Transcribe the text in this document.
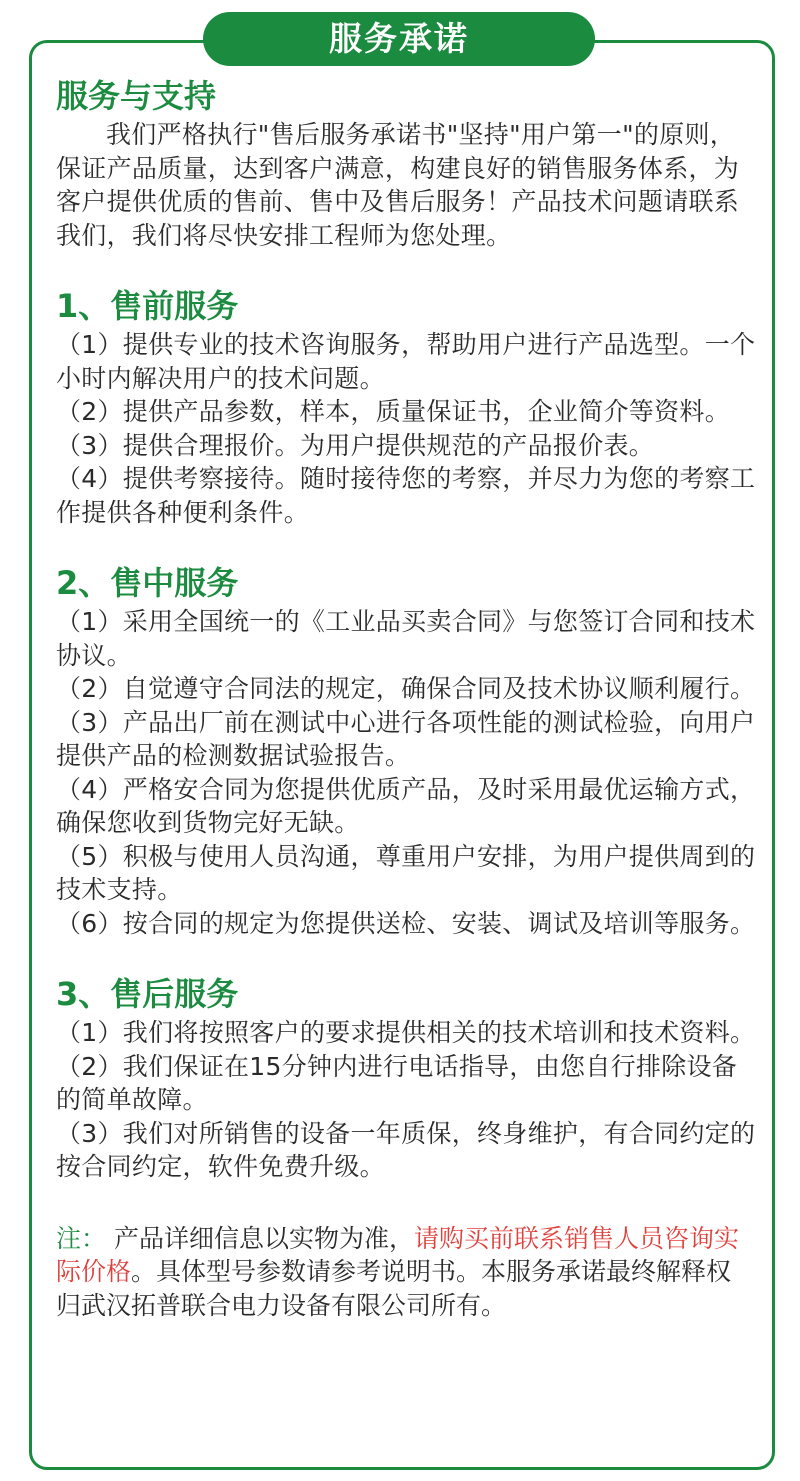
服务承诺
服务与支持

我们严格执行"售后服务承诺书"坚持"用户第一"的原则，保证产品质量，达到客户满意，构建良好的销售服务体系，为客户提供优质的售前、售中及售后服务！产品技术问题请联系我们，我们将尽快安排工程师为您处理。

1、售前服务

（1）提供专业的技术咨询服务，帮助用户进行产品选型。一个小时内解决用户的技术问题。

（2）提供产品参数，样本，质量保证书，企业简介等资料。

（3）提供合理报价。为用户提供规范的产品报价表。

（4）提供考察接待。随时接待您的考察，并尽力为您的考察工作提供各种便利条件。

2、售中服务

（1）采用全国统一的《工业品买卖合同》与您签订合同和技术协议。

（2）自觉遵守合同法的规定，确保合同及技术协议顺利履行。

（3）产品出厂前在测试中心进行各项性能的测试检验，向用户提供产品的检测数据试验报告。

（4）严格安合同为您提供优质产品，及时采用最优运输方式，确保您收到货物完好无缺。

（5）积极与使用人员沟通，尊重用户安排，为用户提供周到的技术支持。

（6）按合同的规定为您提供送检、安装、调试及培训等服务。

3、售后服务

（1）我们将按照客户的要求提供相关的技术培训和技术资料。

（2）我们保证在15分钟内进行电话指导，由您自行排除设备的简单故障。

（3）我们对所销售的设备一年质保，终身维护，有合同约定的按合同约定，软件免费升级。

注： 产品详细信息以实物为准，请购买前联系销售人员咨询实际价格。具体型号参数请参考说明书。本服务承诺最终解释权归武汉拓普联合电力设备有限公司所有。
